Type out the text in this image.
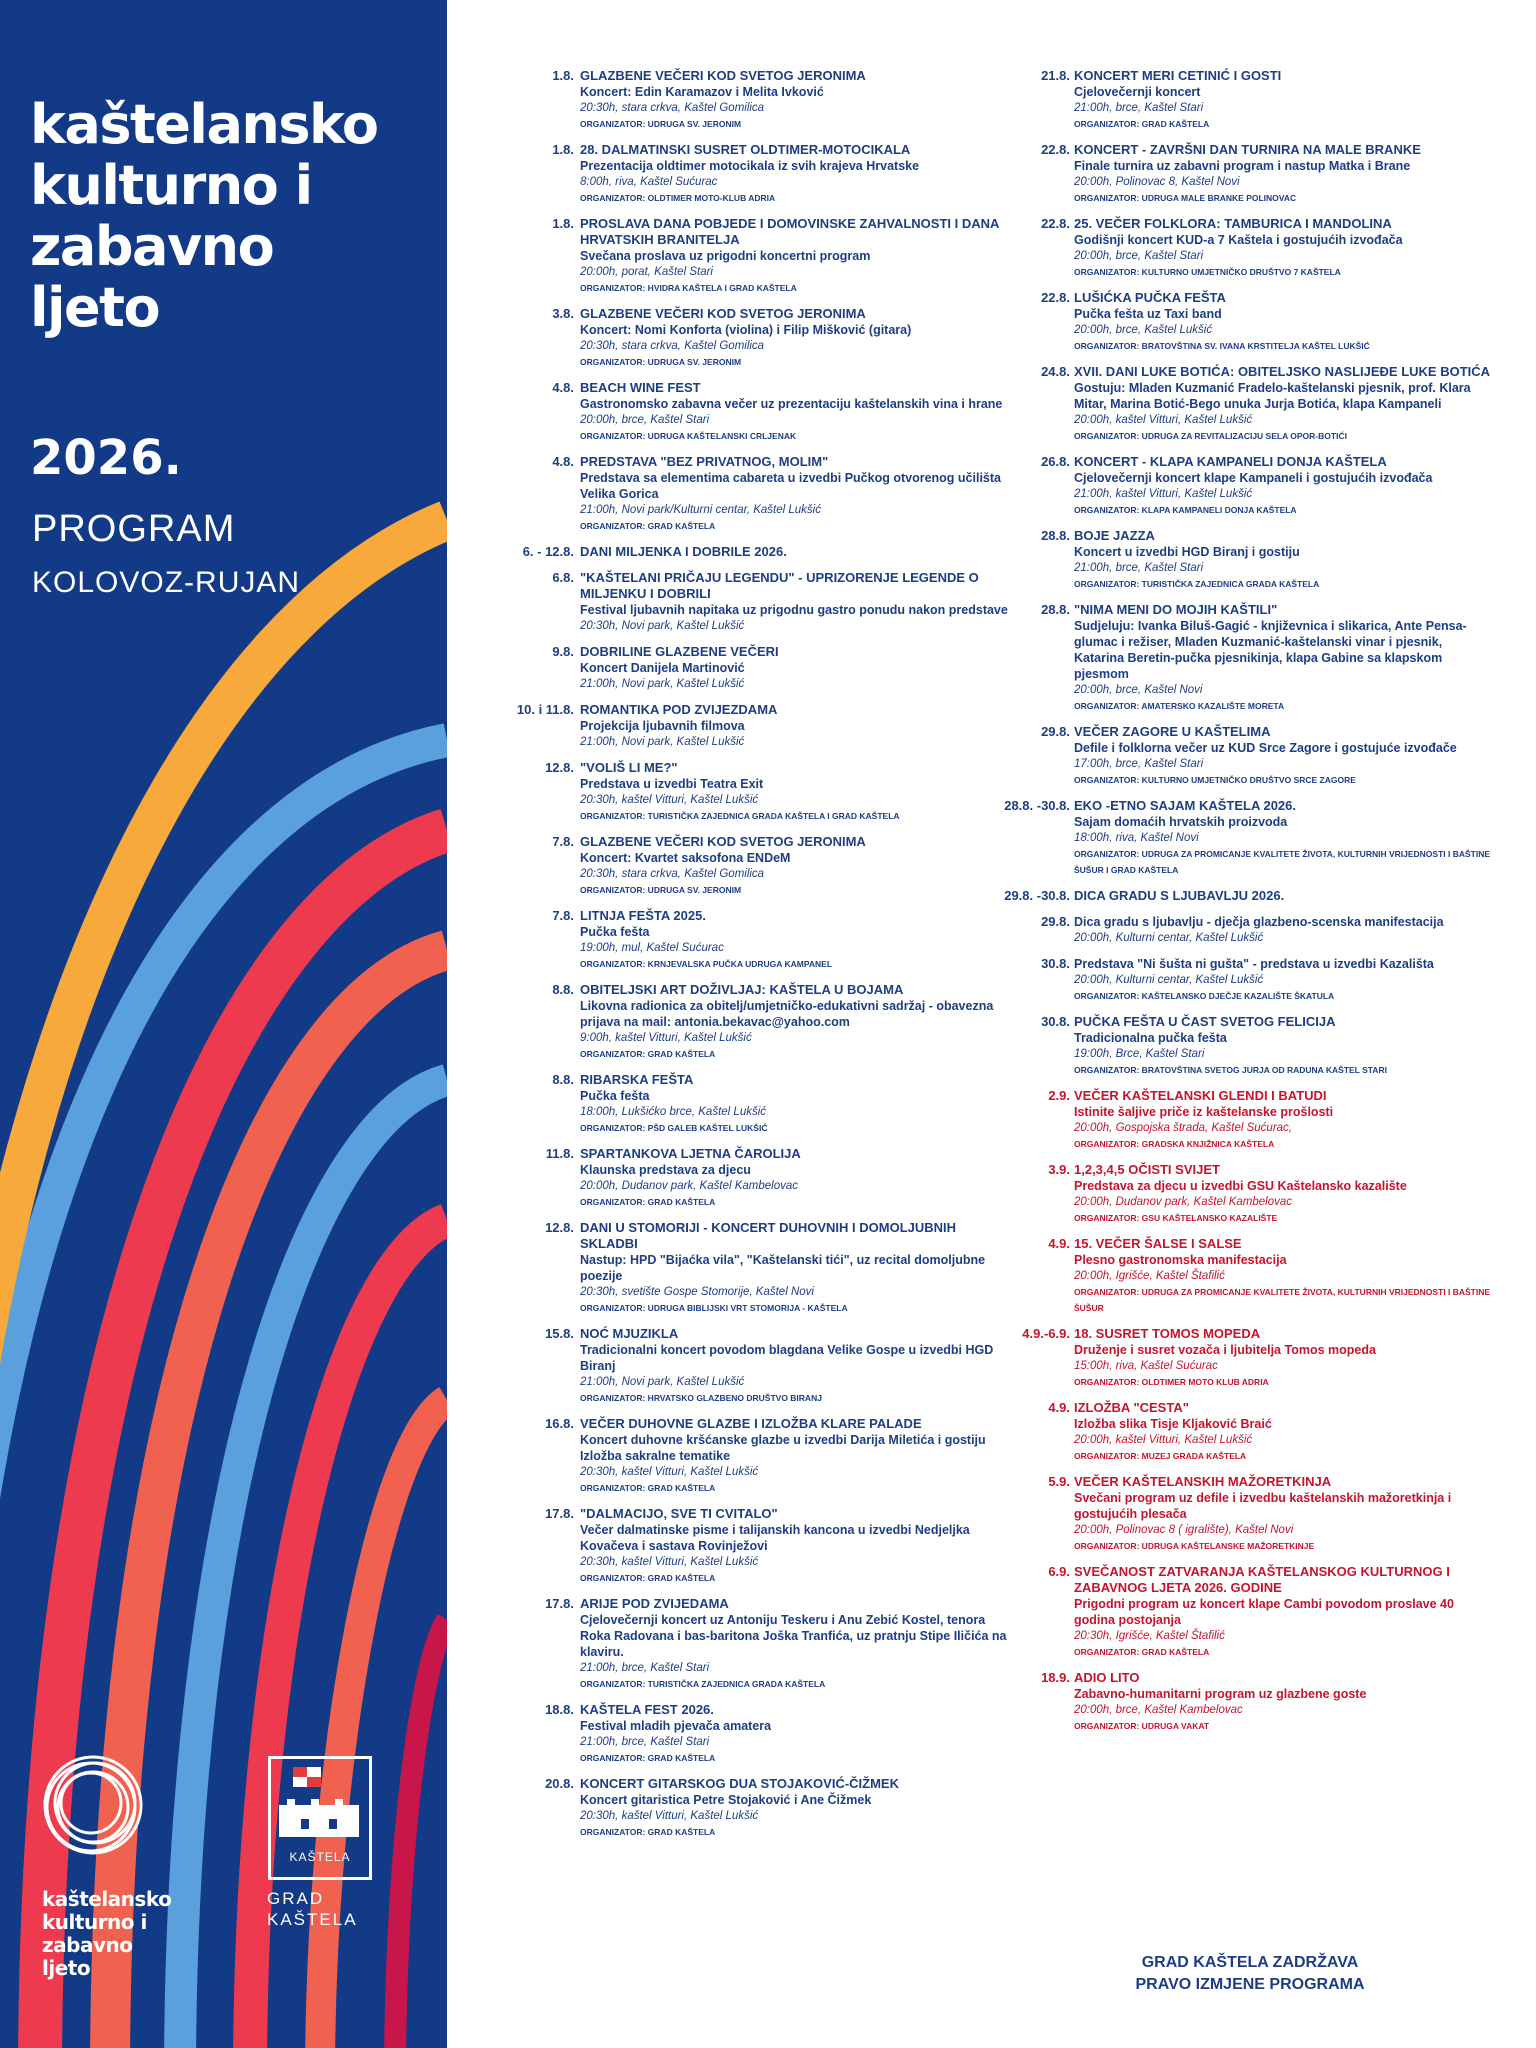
kaštelansko
kulturno i
zabavno
ljeto
2026.
PROGRAM
KOLOVOZ-RUJAN
kaštelansko
kulturno i
zabavno
ljeto
KAŠTELA
GRAD
KAŠTELA
1.8. GLAZBENE VEČERI KOD SVETOG JERONIMA
Koncert: Edin Karamazov i Melita Ivković
20:30h, stara crkva, Kaštel Gomilica
ORGANIZATOR: UDRUGA SV. JERONIM
1.8. 28. DALMATINSKI SUSRET OLDTIMER-MOTOCIKALA
Prezentacija oldtimer motocikala iz svih krajeva Hrvatske
8:00h, riva, Kaštel Sućurac
ORGANIZATOR: OLDTIMER MOTO-KLUB ADRIA
1.8. PROSLAVA DANA POBJEDE I DOMOVINSKE ZAHVALNOSTI I DANA HRVATSKIH BRANITELJA
Svečana proslava uz prigodni koncertni program
20:00h, porat, Kaštel Stari
ORGANIZATOR: HVIDRA KAŠTELA I GRAD KAŠTELA
3.8. GLAZBENE VEČERI KOD SVETOG JERONIMA
Koncert: Nomi Konforta (violina) i Filip Mišković (gitara)
20:30h, stara crkva, Kaštel Gomilica
ORGANIZATOR: UDRUGA SV. JERONIM
4.8. BEACH WINE FEST
Gastronomsko zabavna večer uz prezentaciju kaštelanskih vina i hrane
20:00h, brce, Kaštel Stari
ORGANIZATOR: UDRUGA KAŠTELANSKI CRLJENAK
4.8. PREDSTAVA "BEZ PRIVATNOG, MOLIM"
Predstava sa elementima cabareta u izvedbi Pučkog otvorenog učilišta Velika Gorica
21:00h, Novi park/Kulturni centar, Kaštel Lukšić
ORGANIZATOR: GRAD KAŠTELA
6. - 12.8. DANI MILJENKA I DOBRILE 2026.
6.8. "KAŠTELANI PRIČAJU LEGENDU" - UPRIZORENJE LEGENDE O MILJENKU I DOBRILI
Festival ljubavnih napitaka uz prigodnu gastro ponudu nakon predstave
20:30h, Novi park, Kaštel Lukšić
9.8. DOBRILINE GLAZBENE VEČERI
Koncert Danijela Martinović
21:00h, Novi park, Kaštel Lukšić
10. i 11.8. ROMANTIKA POD ZVIJEZDAMA
Projekcija ljubavnih filmova
21:00h, Novi park, Kaštel Lukšić
12.8. "VOLIŠ LI ME?"
Predstava u izvedbi Teatra Exit
20:30h, kaštel Vitturi, Kaštel Lukšić
ORGANIZATOR: TURISTIČKA ZAJEDNICA GRADA KAŠTELA I GRAD KAŠTELA
7.8. GLAZBENE VEČERI KOD SVETOG JERONIMA
Koncert: Kvartet saksofona ENDeM
20:30h, stara crkva, Kaštel Gomilica
ORGANIZATOR: UDRUGA SV. JERONIM
7.8. LITNJA FEŠTA 2025.
Pučka fešta
19:00h, mul, Kaštel Sućurac
ORGANIZATOR: KRNJEVALSKA PUČKA UDRUGA KAMPANEL
8.8. OBITELJSKI ART DOŽIVLJAJ: KAŠTELA U BOJAMA
Likovna radionica za obitelj/umjetničko-edukativni sadržaj - obavezna prijava na mail: antonia.bekavac@yahoo.com
9:00h, kaštel Vitturi, Kaštel Lukšić
ORGANIZATOR: GRAD KAŠTELA
8.8. RIBARSKA FEŠTA
Pučka fešta
18:00h, Lukšićko brce, Kaštel Lukšić
ORGANIZATOR: PŠD GALEB KAŠTEL LUKŠIĆ
11.8. SPARTANKOVA LJETNA ČAROLIJA
Klaunska predstava za djecu
20:00h, Dudanov park, Kaštel Kambelovac
ORGANIZATOR: GRAD KAŠTELA
12.8. DANI U STOMORIJI - KONCERT DUHOVNIH I DOMOLJUBNIH SKLADBI
Nastup: HPD "Bijaćka vila", "Kaštelanski tići", uz recital domoljubne poezije
20:30h, svetište Gospe Stomorije, Kaštel Novi
ORGANIZATOR: UDRUGA BIBLIJSKI VRT STOMORIJA - KAŠTELA
15.8. NOĆ MJUZIKLA
Tradicionalni koncert povodom blagdana Velike Gospe u izvedbi HGD Biranj
21:00h, Novi park, Kaštel Lukšić
ORGANIZATOR: HRVATSKO GLAZBENO DRUŠTVO BIRANJ
16.8. VEČER DUHOVNE GLAZBE I IZLOŽBA KLARE PALADE
Koncert duhovne kršćanske glazbe u izvedbi Darija Miletića i gostiju Izložba sakralne tematike
20:30h, kaštel Vitturi, Kaštel Lukšić
ORGANIZATOR: GRAD KAŠTELA
17.8. "DALMACIJO, SVE TI CVITALO"
Večer dalmatinske pisme i talijanskih kancona u izvedbi Nedjeljka Kovačeva i sastava Rovinježovi
20:30h, kaštel Vitturi, Kaštel Lukšić
ORGANIZATOR: GRAD KAŠTELA
17.8. ARIJE POD ZVIJEDAMA
Cjelovečernji koncert uz Antoniju Teskeru i Anu Zebić Kostel, tenora Roka Radovana i bas-baritona Joška Tranfića, uz pratnju Stipe Iličića na klaviru.
21:00h, brce, Kaštel Stari
ORGANIZATOR: TURISTIČKA ZAJEDNICA GRADA KAŠTELA
18.8. KAŠTELA FEST 2026.
Festival mladih pjevača amatera
21:00h, brce, Kaštel Stari
ORGANIZATOR: GRAD KAŠTELA
20.8. KONCERT GITARSKOG DUA STOJAKOVIĆ-ČIŽMEK
Koncert gitaristica Petre Stojaković i Ane Čižmek
20:30h, kaštel Vitturi, Kaštel Lukšić
ORGANIZATOR: GRAD KAŠTELA
21.8. KONCERT MERI CETINIĆ I GOSTI
Cjelovečernji koncert
21:00h, brce, Kaštel Stari
ORGANIZATOR: GRAD KAŠTELA
22.8. KONCERT - ZAVRŠNI DAN TURNIRA NA MALE BRANKE
Finale turnira uz zabavni program i nastup Matka i Brane
20:00h, Polinovac 8, Kaštel Novi
ORGANIZATOR: UDRUGA MALE BRANKE POLINOVAC
22.8. 25. VEČER FOLKLORA: TAMBURICA I MANDOLINA
Godišnji koncert KUD-a 7 Kaštela i gostujućih izvođača
20:00h, brce, Kaštel Stari
ORGANIZATOR: KULTURNO UMJETNIČKO DRUŠTVO 7 KAŠTELA
22.8. LUŠIĆKA PUČKA FEŠTA
Pučka fešta uz Taxi band
20:00h, brce, Kaštel Lukšić
ORGANIZATOR: BRATOVŠTINA SV. IVANA KRSTITELJA KAŠTEL LUKŠIĆ
24.8. XVII. DANI LUKE BOTIĆA: OBITELJSKO NASLIJEĐE LUKE BOTIĆA
Gostuju: Mladen Kuzmanić Fradelo-kaštelanski pjesnik, prof. Klara Mitar, Marina Botić-Bego unuka Jurja Botića, klapa Kampaneli
20:00h, kaštel Vitturi, Kaštel Lukšić
ORGANIZATOR: UDRUGA ZA REVITALIZACIJU SELA OPOR-BOTIĆI
26.8. KONCERT - KLAPA KAMPANELI DONJA KAŠTELA
Cjelovečernji koncert klape Kampaneli i gostujućih izvođača
21:00h, kaštel Vitturi, Kaštel Lukšić
ORGANIZATOR: KLAPA KAMPANELI DONJA KAŠTELA
28.8. BOJE JAZZA
Koncert u izvedbi HGD Biranj i gostiju
21:00h, brce, Kaštel Stari
ORGANIZATOR: TURISTIČKA ZAJEDNICA GRADA KAŠTELA
28.8. "NIMA MENI DO MOJIH KAŠTILI"
Sudjeluju: Ivanka Biluš-Gagić - književnica i slikarica, Ante Pensa-glumac i režiser, Mladen Kuzmanić-kaštelanski vinar i pjesnik, Katarina Beretin-pučka pjesnikinja, klapa Gabine sa klapskom pjesmom
20:00h, brce, Kaštel Novi
ORGANIZATOR: AMATERSKO KAZALIŠTE MORETA
29.8. VEČER ZAGORE U KAŠTELIMA
Defile i folklorna večer uz KUD Srce Zagore i gostujuće izvođače
17:00h, brce, Kaštel Stari
ORGANIZATOR: KULTURNO UMJETNIČKO DRUŠTVO SRCE ZAGORE
28.8. -30.8. EKO -ETNO SAJAM KAŠTELA 2026.
Sajam domaćih hrvatskih proizvoda
18:00h, riva, Kaštel Novi
ORGANIZATOR: UDRUGA ZA PROMICANJE KVALITETE ŽIVOTA, KULTURNIH VRIJEDNOSTI I BAŠTINE ŠUŠUR I GRAD KAŠTELA
29.8. -30.8. DICA GRADU S LJUBAVLJU 2026.
29.8. Dica gradu s ljubavlju - dječja glazbeno-scenska manifestacija
20:00h, Kulturni centar, Kaštel Lukšić
30.8. Predstava "Ni šušta ni gušta" - predstava u izvedbi Kazališta
20:00h, Kulturni centar, Kaštel Lukšić
ORGANIZATOR: KAŠTELANSKO DJEČJE KAZALIŠTE ŠKATULA
30.8. PUČKA FEŠTA U ČAST SVETOG FELICIJA
Tradicionalna pučka fešta
19:00h, Brce, Kaštel Stari
ORGANIZATOR: BRATOVŠTINA SVETOG JURJA OD RADUNA KAŠTEL STARI
2.9. VEČER KAŠTELANSKI GLENDI I BATUDI
Istinite šaljive priče iz kaštelanske prošlosti
20:00h, Gospojska štrada, Kaštel Sućurac,
ORGANIZATOR: GRADSKA KNJIŽNICA KAŠTELA
3.9. 1,2,3,4,5 OČISTI SVIJET
Predstava za djecu u izvedbi GSU Kaštelansko kazalište
20:00h, Dudanov park, Kaštel Kambelovac
ORGANIZATOR: GSU KAŠTELANSKO KAZALIŠTE
4.9. 15. VEČER ŠALSE I SALSE
Plesno gastronomska manifestacija
20:00h, Igrišće, Kaštel Štafilić
ORGANIZATOR: UDRUGA ZA PROMICANJE KVALITETE ŽIVOTA, KULTURNIH VRIJEDNOSTI I BAŠTINE ŠUŠUR
4.9.-6.9. 18. SUSRET TOMOS MOPEDA
Druženje i susret vozača i ljubitelja Tomos mopeda
15:00h, riva, Kaštel Sućurac
ORGANIZATOR: OLDTIMER MOTO KLUB ADRIA
4.9. IZLOŽBA "CESTA"
Izložba slika Tisje Kljaković Braić
20:00h, kaštel Vitturi, Kaštel Lukšić
ORGANIZATOR: MUZEJ GRADA KAŠTELA
5.9. VEČER KAŠTELANSKIH MAŽORETKINJA
Svečani program uz defile i izvedbu kaštelanskih mažoretkinja i gostujućih plesača
20:00h, Polinovac 8 ( igralište), Kaštel Novi
ORGANIZATOR: UDRUGA KAŠTELANSKE MAŽORETKINJE
6.9. SVEČANOST ZATVARANJA KAŠTELANSKOG KULTURNOG I ZABAVNOG LJETA 2026. GODINE
Prigodni program uz koncert klape Cambi povodom proslave 40 godina postojanja
20:30h, Igrišće, Kaštel Štafilić
ORGANIZATOR: GRAD KAŠTELA
18.9. ADIO LITO
Zabavno-humanitarni program uz glazbene goste
20:00h, brce, Kaštel Kambelovac
ORGANIZATOR: UDRUGA VAKAT
GRAD KAŠTELA ZADRŽAVA
PRAVO IZMJENE PROGRAMA
